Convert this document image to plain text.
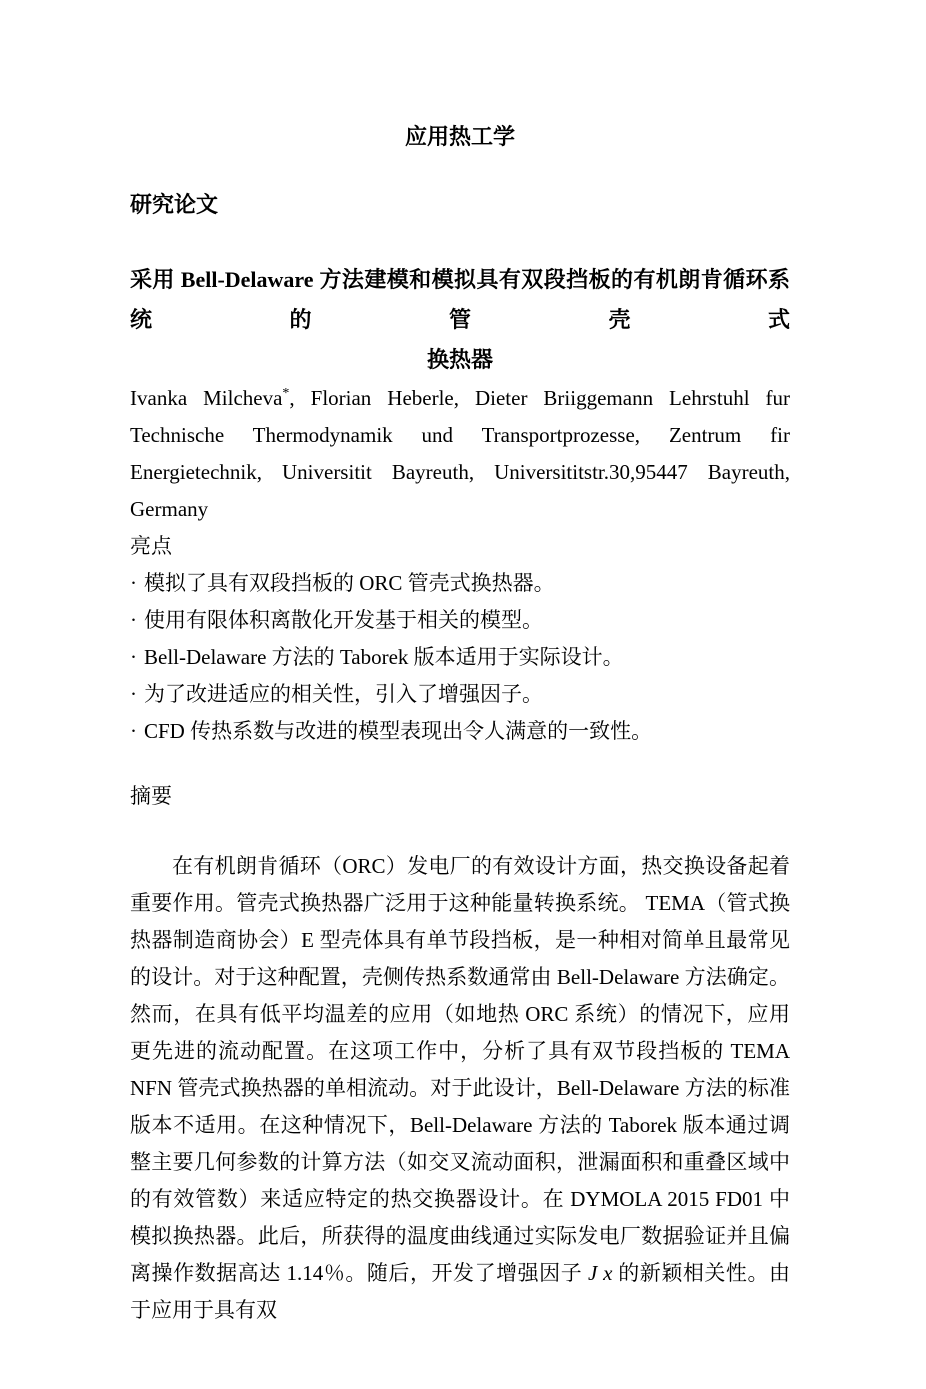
应用热工学
研究论文
采用 Bell-Delaware 方法建模和模拟具有双段挡板的有机朗肯循环系统的管壳式
换热器

Ivanka Milcheva*, Florian Heberle, Dieter Briiggemann Lehrstuhl fur Technische Thermodynamik und Transportprozesse, Zentrum fir Energietechnik, Universitit Bayreuth, Universititstr.30,95447 Bayreuth, Germany

亮点

· 模拟了具有双段挡板的 ORC 管壳式换热器。
· 使用有限体积离散化开发基于相关的模型。
· Bell-Delaware 方法的 Taborek 版本适用于实际设计。
· 为了改进适应的相关性，引入了增强因子。
· CFD 传热系数与改进的模型表现出令人满意的一致性。

摘要

在有机朗肯循环（ORC）发电厂的有效设计方面，热交换设备起着重要作用。管壳式换热器广泛用于这种能量转换系统。 TEMA（管式换热器制造商协会）E 型壳体具有单节段挡板，是一种相对简单且最常见的设计。对于这种配置，壳侧传热系数通常由 Bell-Delaware 方法确定。然而，在具有低平均温差的应用（如地热 ORC 系统）的情况下，应用更先进的流动配置。在这项工作中，分析了具有双节段挡板的 TEMA NFN 管壳式换热器的单相流动。对于此设计，Bell-Delaware 方法的标准版本不适用。在这种情况下，Bell-Delaware 方法的 Taborek 版本通过调整主要几何参数的计算方法（如交叉流动面积，泄漏面积和重叠区域中的有效管数）来适应特定的热交换器设计。在 DYMOLA 2015 FD01 中模拟换热器。此后，所获得的温度曲线通过实际发电厂数据验证并且偏离操作数据高达 1.14％。随后，开发了增强因子 J x 的新颖相关性。由于应用于具有双
